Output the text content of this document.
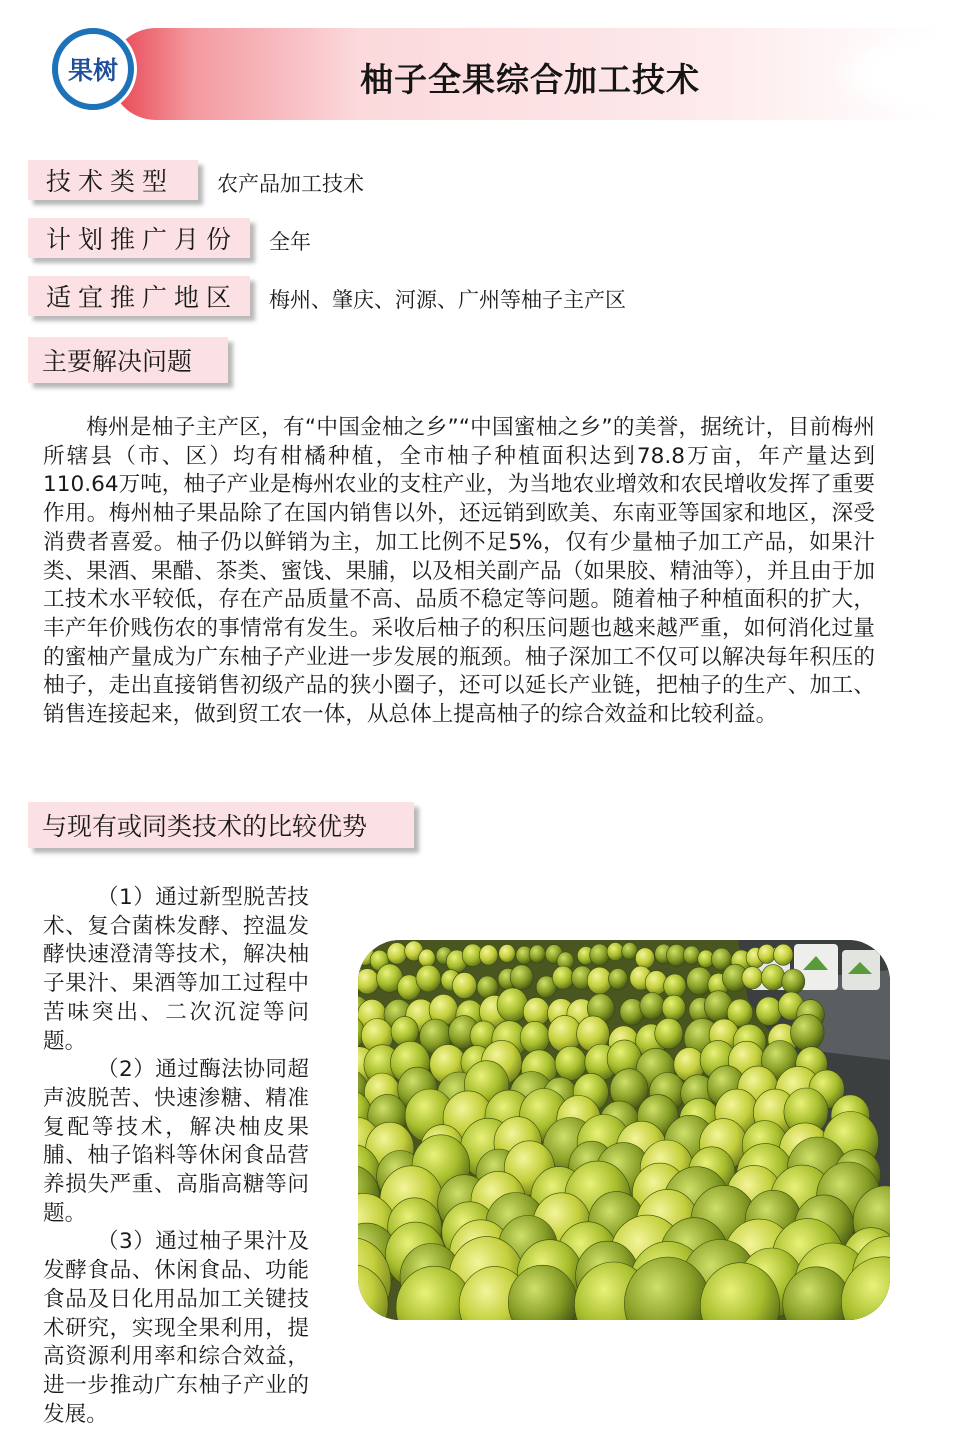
果树	柚子全果综合加工技术
技术类型	农产品加工技术
计划推广月份	全年
适宜推广地区	梅州、肇庆、河源、广州等柚子主产区
主要解决问题

梅州是柚子主产区，有“中国金柚之乡”“中国蜜柚之乡”的美誉，据统计，目前梅州所辖县（市、区）均有柑橘种植，全市柚子种植面积达到78.8万亩，年产量达到110.64万吨，柚子产业是梅州农业的支柱产业，为当地农业增效和农民增收发挥了重要作用。梅州柚子果品除了在国内销售以外，还远销到欧美、东南亚等国家和地区，深受消费者喜爱。柚子仍以鲜销为主，加工比例不足5%，仅有少量柚子加工产品，如果汁类、果酒、果醋、茶类、蜜饯、果脯，以及相关副产品（如果胶、精油等），并且由于加工技术水平较低，存在产品质量不高、品质不稳定等问题。随着柚子种植面积的扩大，丰产年价贱伤农的事情常有发生。采收后柚子的积压问题也越来越严重，如何消化过量的蜜柚产量成为广东柚子产业进一步发展的瓶颈。柚子深加工不仅可以解决每年积压的柚子，走出直接销售初级产品的狭小圈子，还可以延长产业链，把柚子的生产、加工、销售连接起来，做到贸工农一体，从总体上提高柚子的综合效益和比较利益。

与现有或同类技术的比较优势

（1）通过新型脱苦技术、复合菌株发酵、控温发酵快速澄清等技术，解决柚子果汁、果酒等加工过程中苦味突出、二次沉淀等问题。

（2）通过酶法协同超声波脱苦、快速渗糖、精准复配等技术，解决柚皮果脯、柚子馅料等休闲食品营养损失严重、高脂高糖等问题。

（3）通过柚子果汁及发酵食品、休闲食品、功能食品及日化用品加工关键技术研究，实现全果利用，提高资源利用率和综合效益，进一步推动广东柚子产业的发展。
